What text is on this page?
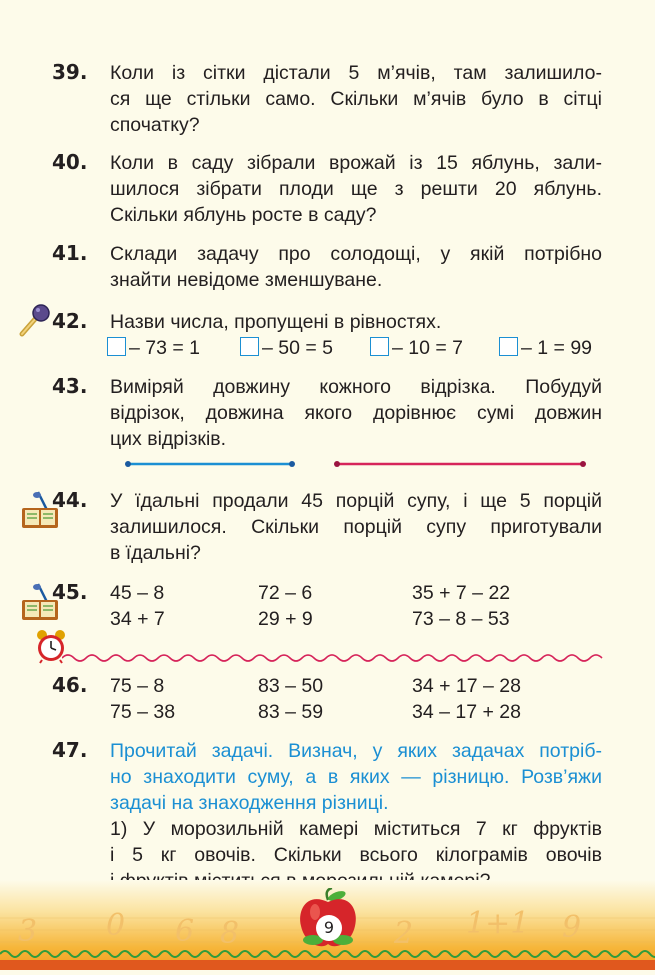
39. Коли із сітки дістали 5 м’ячів, там залишило-
ся ще стільки само. Скільки м’ячів було в сітці
спочатку?
40. Коли в саду зібрали врожай із 15 яблунь, зали-
шилося зібрати плоди ще з решти 20 яблунь.
Скільки яблунь росте в саду?
41. Склади задачу про солодощі, у якій потрібно
знайти невідоме зменшуване.
42. Назви числа, пропущені в рівностях.
– 73 = 1	– 50 = 5	– 10 = 7	– 1 = 99
43. Виміряй довжину кожного відрізка. Побудуй
відрізок, довжина якого дорівнює сумі довжин
цих відрізків.
44. У їдальні продали 45 порцій супу, і ще 5 порцій
залишилося. Скільки порцій супу приготували
в їдальні?
45. 45 – 8	72 – 6	35 + 7 – 22
34 + 7	29 + 9	73 – 8 – 53
46. 75 – 8	83 – 50	34 + 17 – 28
75 – 38	83 – 59	34 – 17 + 28
47. Прочитай задачі. Визнач, у яких задачах потріб-
но знаходити суму, а в яких — різницю. Розв’яжи
задачі на знаходження різниці.
1) У морозильній камері міститься 7 кг фруктів
і 5 кг овочів. Скільки всього кілограмів овочів
3 0 6 8	2 1+1 9
9
